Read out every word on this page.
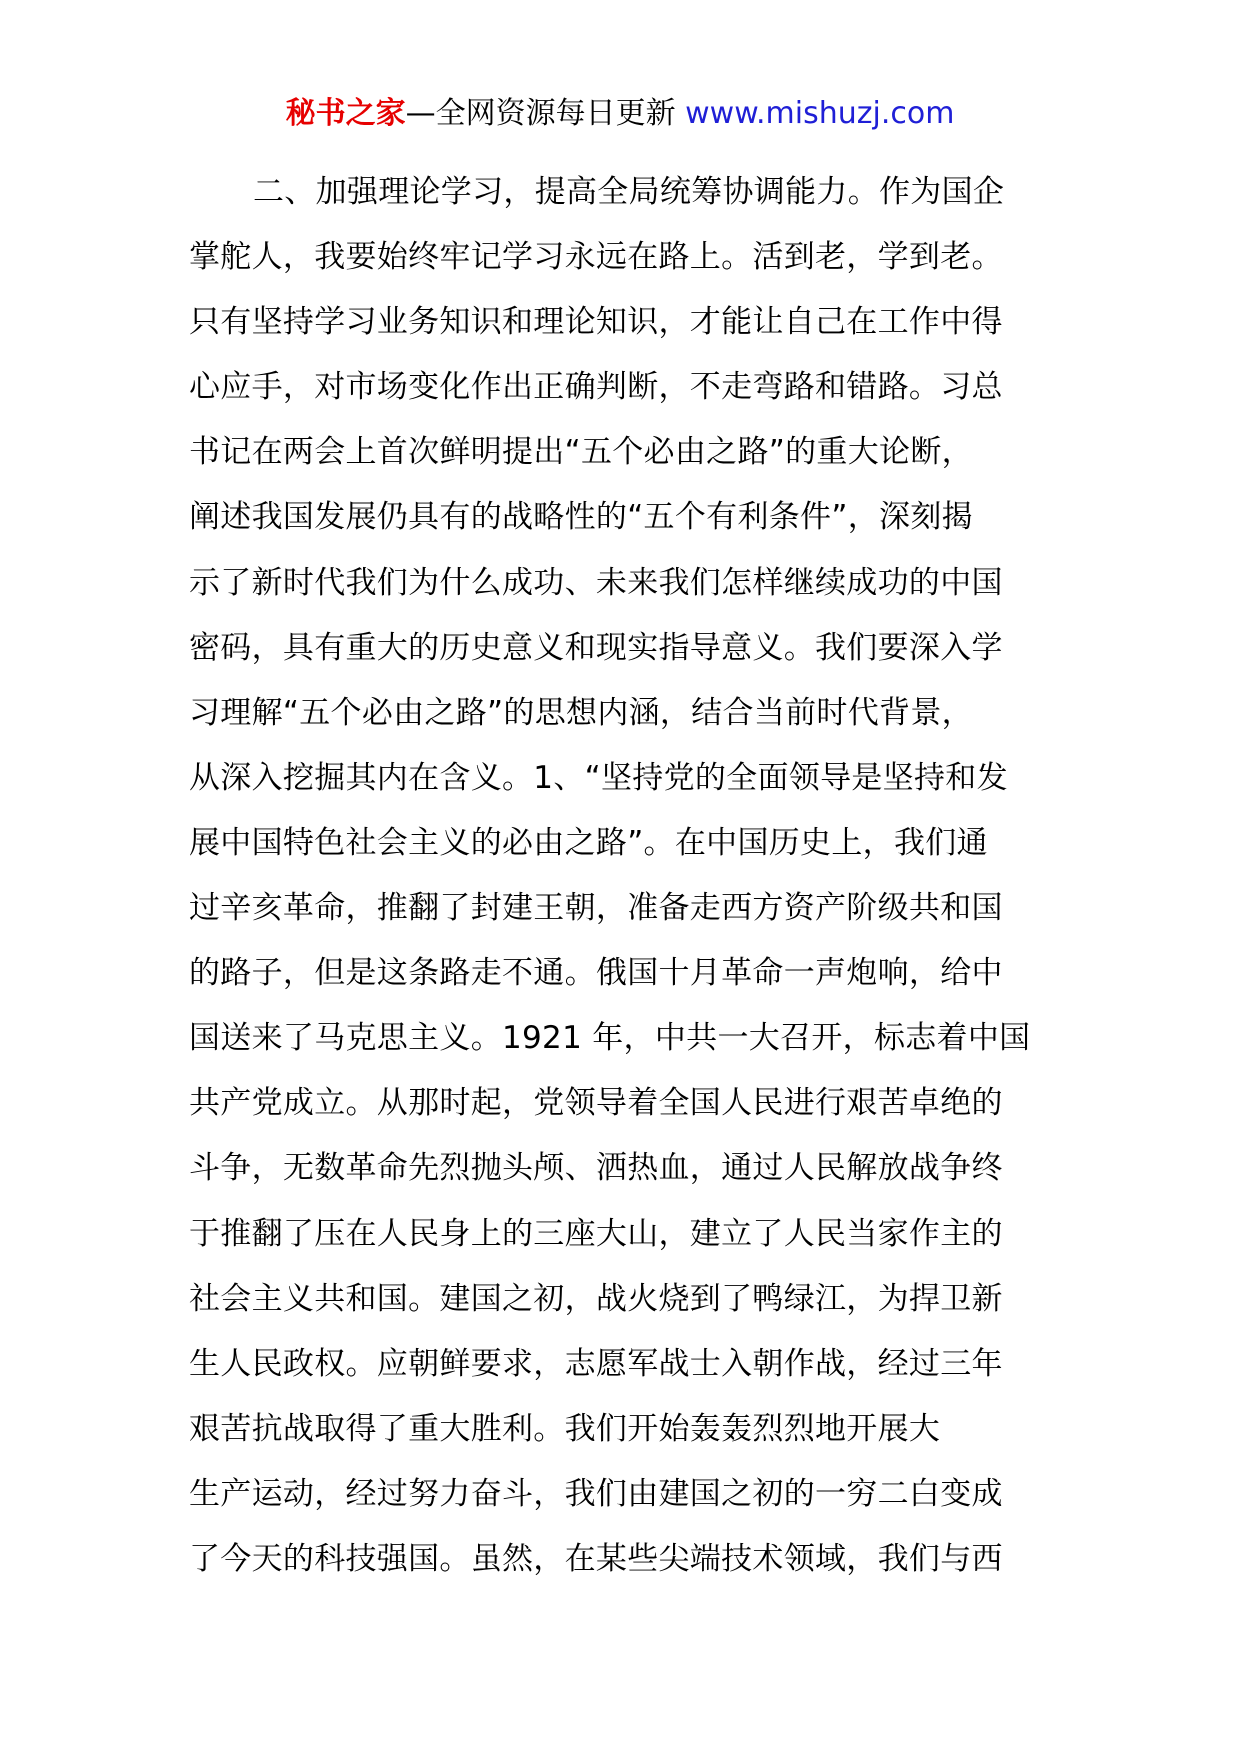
秘书之家—全网资源每日更新 www.mishuzj.com
二、加强理论学习，提高全局统筹协调能力。作为国企
掌舵人，我要始终牢记学习永远在路上。活到老，学到老。
只有坚持学习业务知识和理论知识，才能让自己在工作中得
心应手，对市场变化作出正确判断，不走弯路和错路。习总
书记在两会上首次鲜明提出“五个必由之路”的重大论断，
阐述我国发展仍具有的战略性的“五个有利条件”，深刻揭
示了新时代我们为什么成功、未来我们怎样继续成功的中国
密码，具有重大的历史意义和现实指导意义。我们要深入学
习理解“五个必由之路”的思想内涵，结合当前时代背景，
从深入挖掘其内在含义。1、“坚持党的全面领导是坚持和发
展中国特色社会主义的必由之路”。在中国历史上，我们通
过辛亥革命，推翻了封建王朝，准备走西方资产阶级共和国
的路子，但是这条路走不通。俄国十月革命一声炮响，给中
国送来了马克思主义。1921 年，中共一大召开，标志着中国
共产党成立。从那时起，党领导着全国人民进行艰苦卓绝的
斗争，无数革命先烈抛头颅、洒热血，通过人民解放战争终
于推翻了压在人民身上的三座大山，建立了人民当家作主的
社会主义共和国。建国之初，战火烧到了鸭绿江，为捍卫新
生人民政权。应朝鲜要求，志愿军战士入朝作战，经过三年
艰苦抗战取得了重大胜利。我们开始轰轰烈烈地开展大
生产运动，经过努力奋斗，我们由建国之初的一穷二白变成
了今天的科技强国。虽然，在某些尖端技术领域，我们与西
